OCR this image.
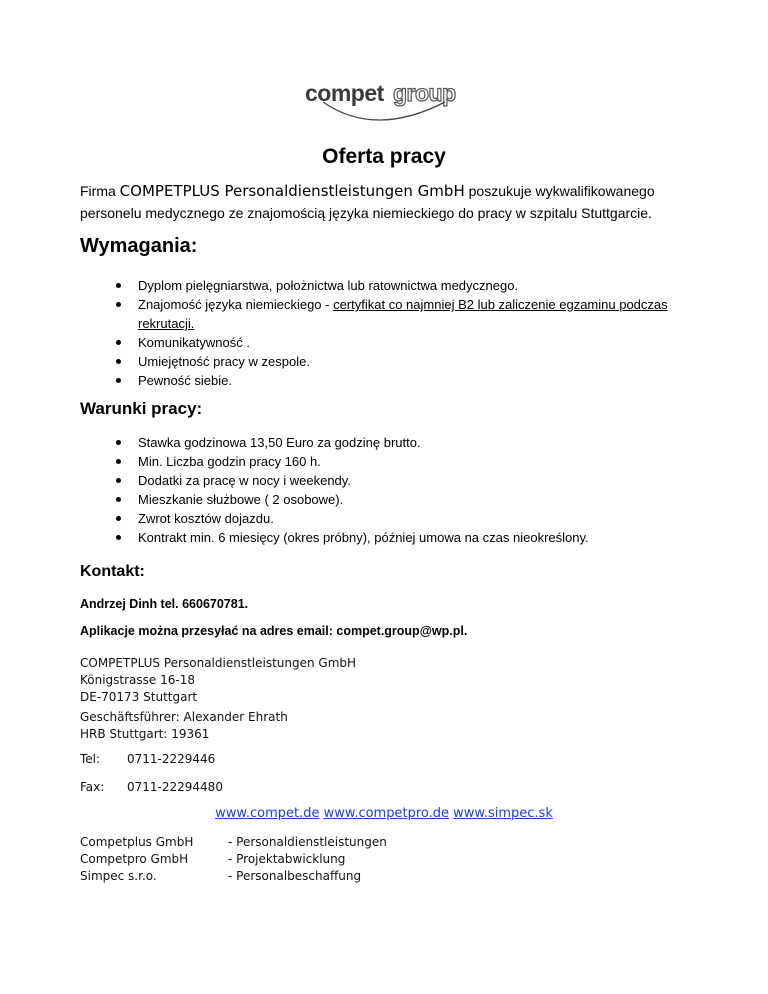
compet group
Oferta pracy
Firma COMPETPLUS Personaldienstleistungen GmbH poszukuje wykwalifikowanego personelu medycznego ze znajomością języka niemieckiego do pracy w szpitalu Stuttgarcie.
Wymagania:
Dyplom pielęgniarstwa, położnictwa lub ratownictwa medycznego.
Znajomość języka niemieckiego - certyfikat co najmniej B2 lub zaliczenie egzaminu podczas rekrutacji.
Komunikatywność .
Umiejętność pracy w zespole.
Pewność siebie.
Warunki pracy:
Stawka godzinowa 13,50 Euro za godzinę brutto.
Min. Liczba godzin pracy 160 h.
Dodatki za pracę w nocy i weekendy.
Mieszkanie służbowe ( 2 osobowe).
Zwrot kosztów dojazdu.
Kontrakt min. 6 miesięcy (okres próbny), później umowa na czas nieokreślony.
Kontakt:
Andrzej Dinh tel. 660670781.
Aplikacje można przesyłać na adres email: compet.group@wp.pl.
COMPETPLUS Personaldienstleistungen GmbH
Königstrasse 16-18
DE-70173 Stuttgart
Geschäftsführer: Alexander Ehrath
HRB Stuttgart: 19361
Tel: 0711-2229446
Fax: 0711-22294480
www.compet.de www.competpro.de www.simpec.sk
Competplus GmbH
Competpro GmbH
Simpec s.r.o.
- Personaldienstleistungen
- Projektabwicklung
- Personalbeschaffung
